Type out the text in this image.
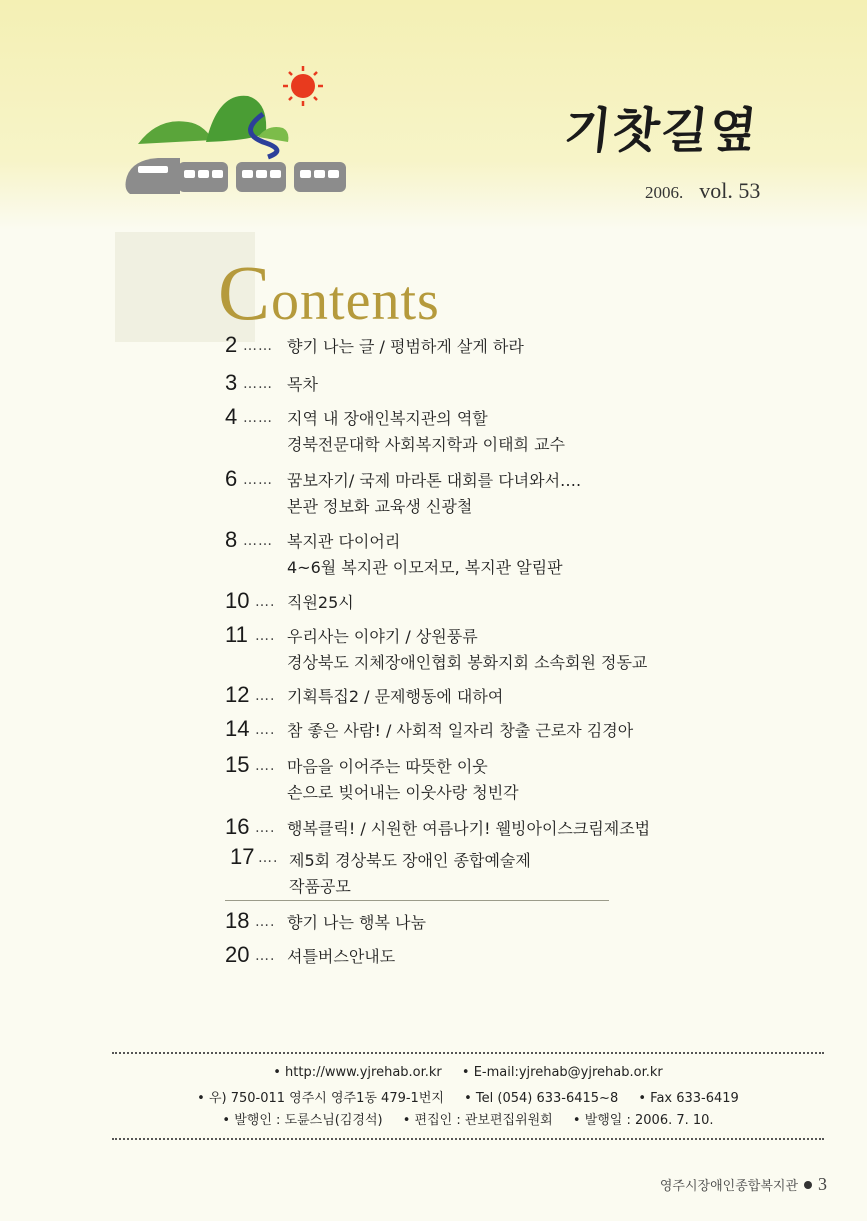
기찻길옆
2006. vol. 53
Contents
2 …… 향기 나는 글 / 평범하게 살게 하라
3 …… 목차
4 …… 지역 내 장애인복지관의 역할
경북전문대학 사회복지학과 이태희 교수
6 …… 꿈보자기/ 국제 마라톤 대회를 다녀와서….
본관 정보화 교육생 신광철
8 …… 복지관 다이어리
4~6월 복지관 이모저모, 복지관 알림판
10 …. 직원25시
11 …. 우리사는 이야기 / 상원풍류
경상북도 지체장애인협회 봉화지회 소속회원 정동교
12 …. 기획특집2 / 문제행동에 대하여
14 …. 참 좋은 사람! / 사회적 일자리 창출 근로자 김경아
15 …. 마음을 이어주는 따뜻한 이웃
손으로 빚어내는 이웃사랑 청빈각
16 …. 행복클릭! / 시원한 여름나기! 웰빙아이스크림제조법
17 …. 제5회 경상북도 장애인 종합예술제
작품공모
18 …. 향기 나는 행복 나눔
20 …. 셔틀버스안내도
• http://www.yjrehab.or.kr • E-mail:yjrehab@yjrehab.or.kr
• 우) 750-011 영주시 영주1동 479-1번지 • Tel (054) 633-6415~8 • Fax 633-6419
• 발행인 : 도륜스님(김경석) • 편집인 : 관보편집위원회 • 발행일 : 2006. 7. 10.
영주시장애인종합복지관 3
